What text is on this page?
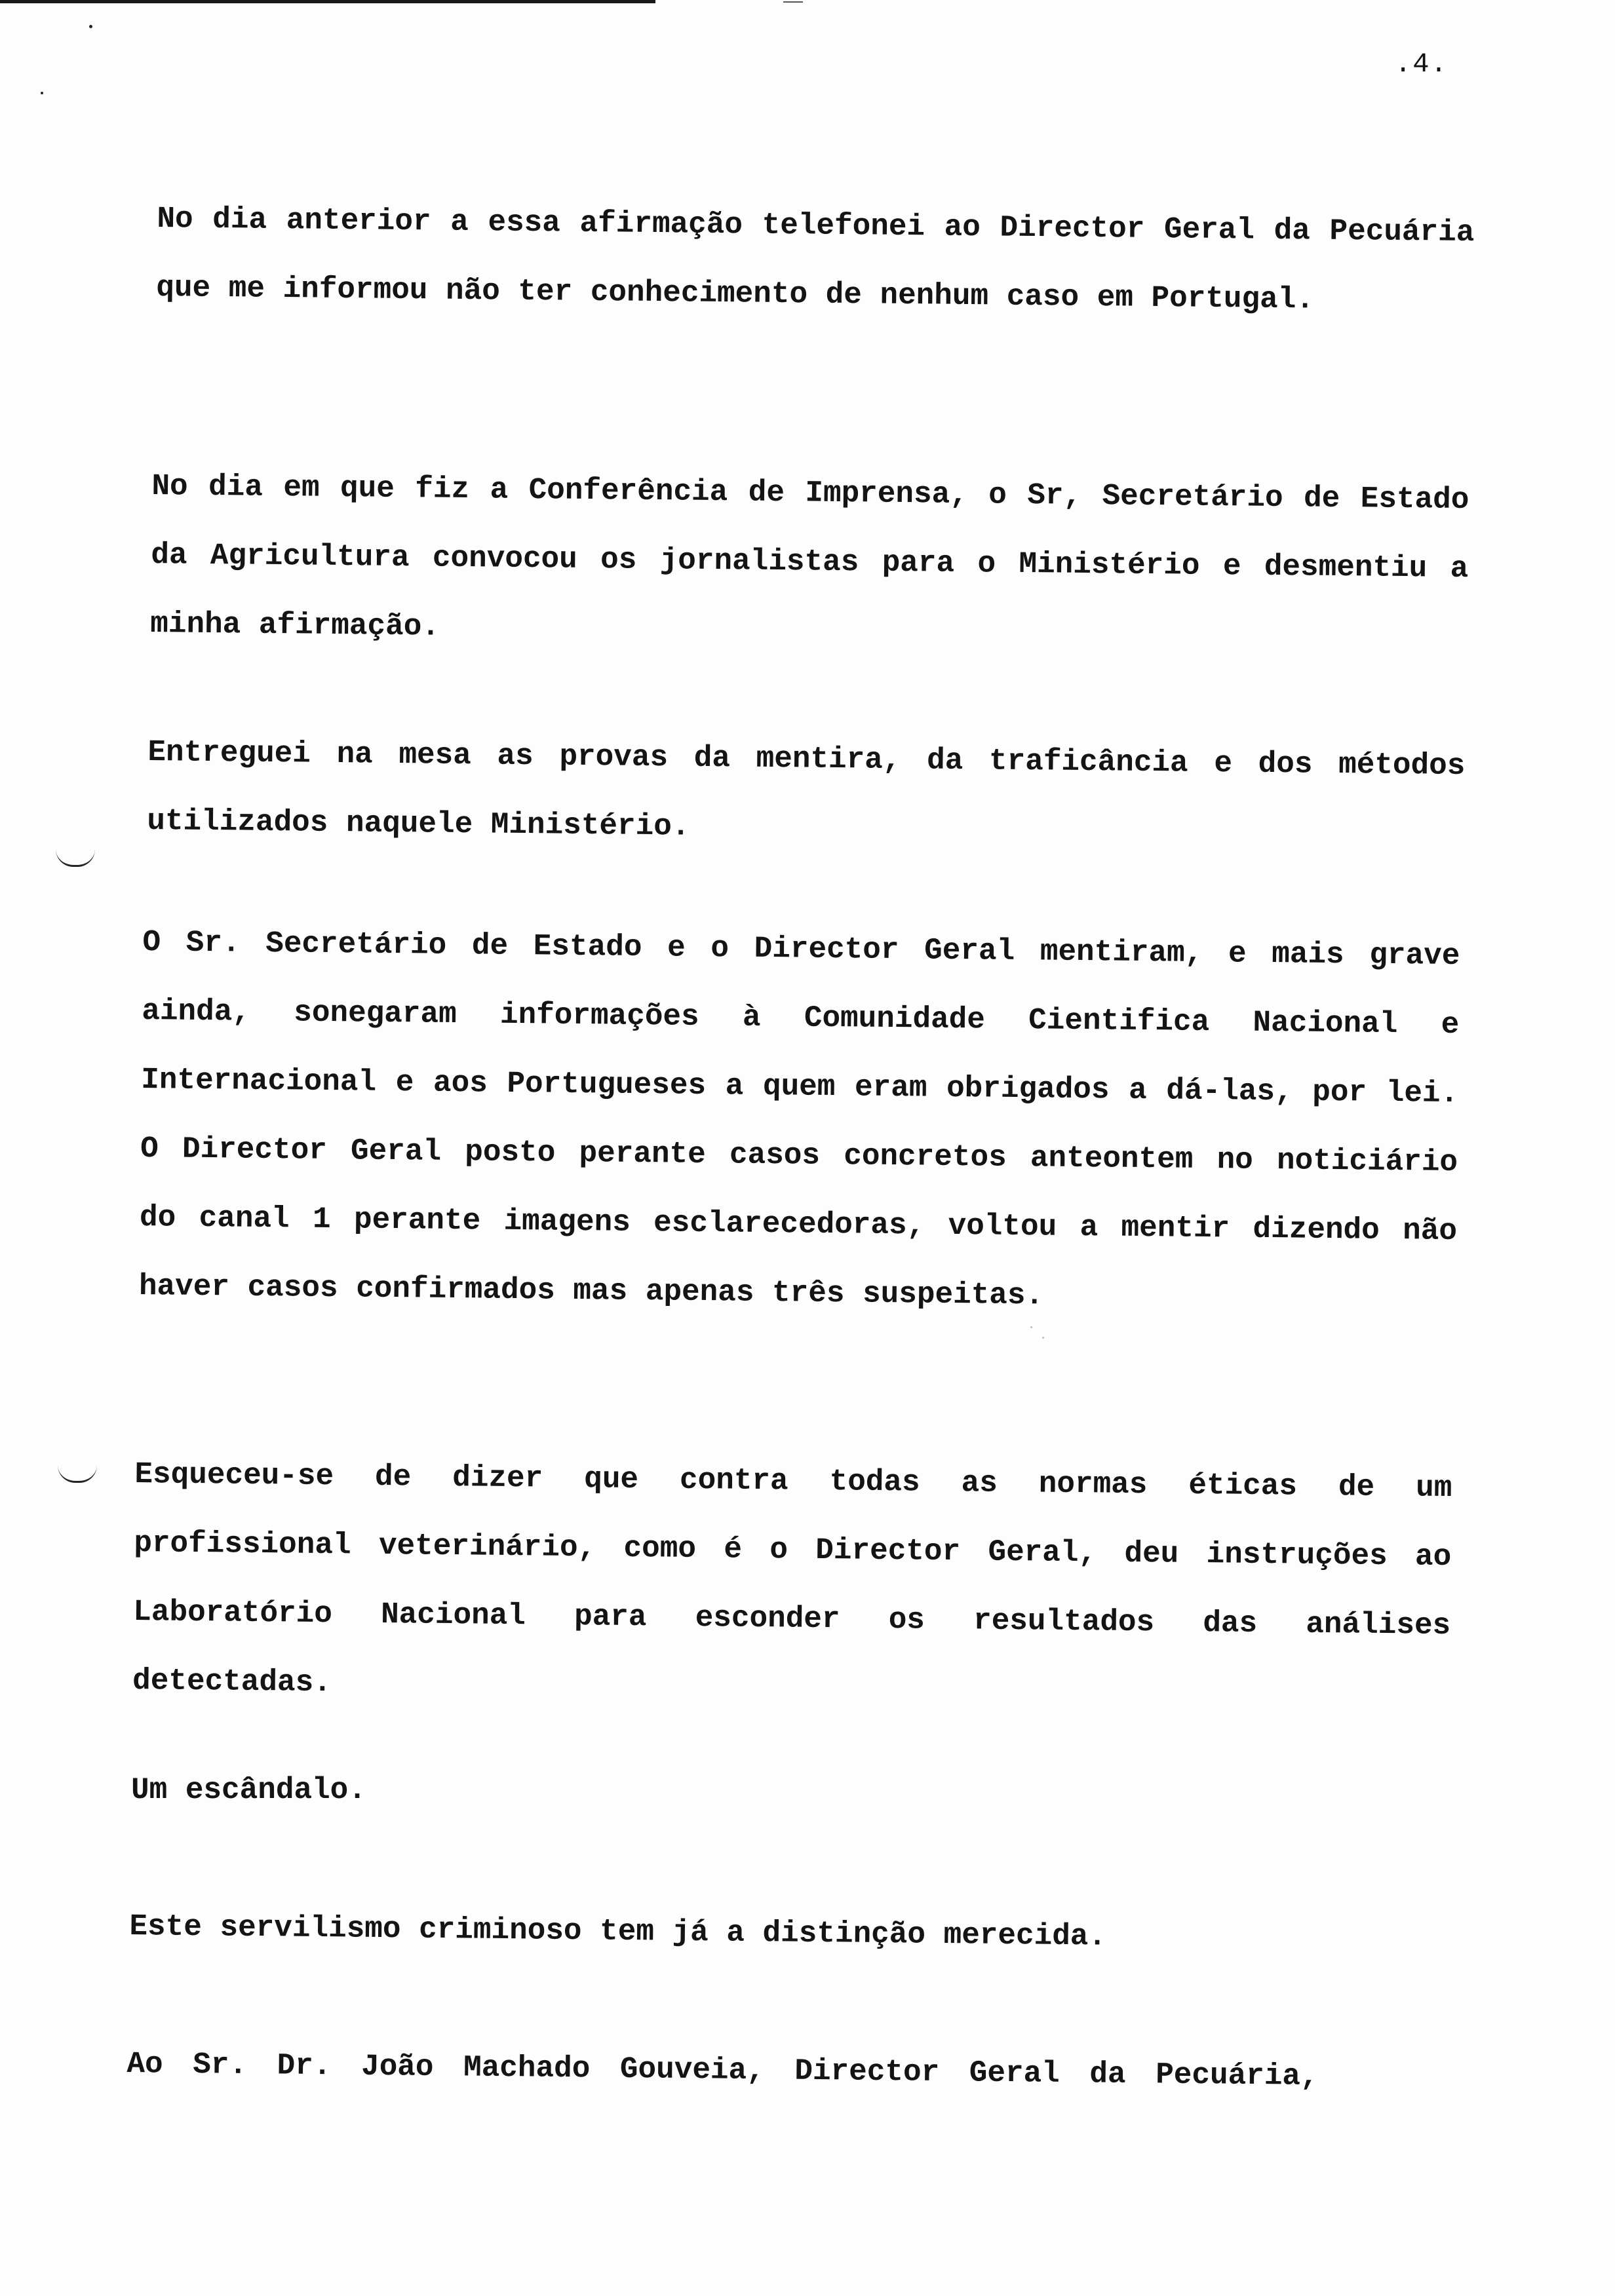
.4.
No dia anterior a essa afirmação telefonei ao Director Geral da Pecuária que me informou não ter conhecimento de nenhum caso em Portugal.
No dia em que fiz a Conferência de Imprensa, o Sr, Secretário de Estado da Agricultura convocou os jornalistas para o Ministério e desmentiu a minha afirmação.
Entreguei na mesa as provas da mentira, da traficância e dos métodos utilizados naquele Ministério.
O Sr. Secretário de Estado e o Director Geral mentiram, e mais grave ainda, sonegaram informações à Comunidade Cientifica Nacional e Internacional e aos Portugueses a quem eram obrigados a dá-las, por lei. O Director Geral posto perante casos concretos anteontem no noticiário do canal 1 perante imagens esclarecedoras, voltou a mentir dizendo não haver casos confirmados mas apenas três suspeitas.
Esqueceu-se de dizer que contra todas as normas éticas de um profissional veterinário, como é o Director Geral, deu instruções ao Laboratório Nacional para esconder os resultados das análises detectadas.
Um escândalo.
Este servilismo criminoso tem já a distinção merecida.
Ao Sr. Dr. João Machado Gouveia, Director Geral da Pecuária,
